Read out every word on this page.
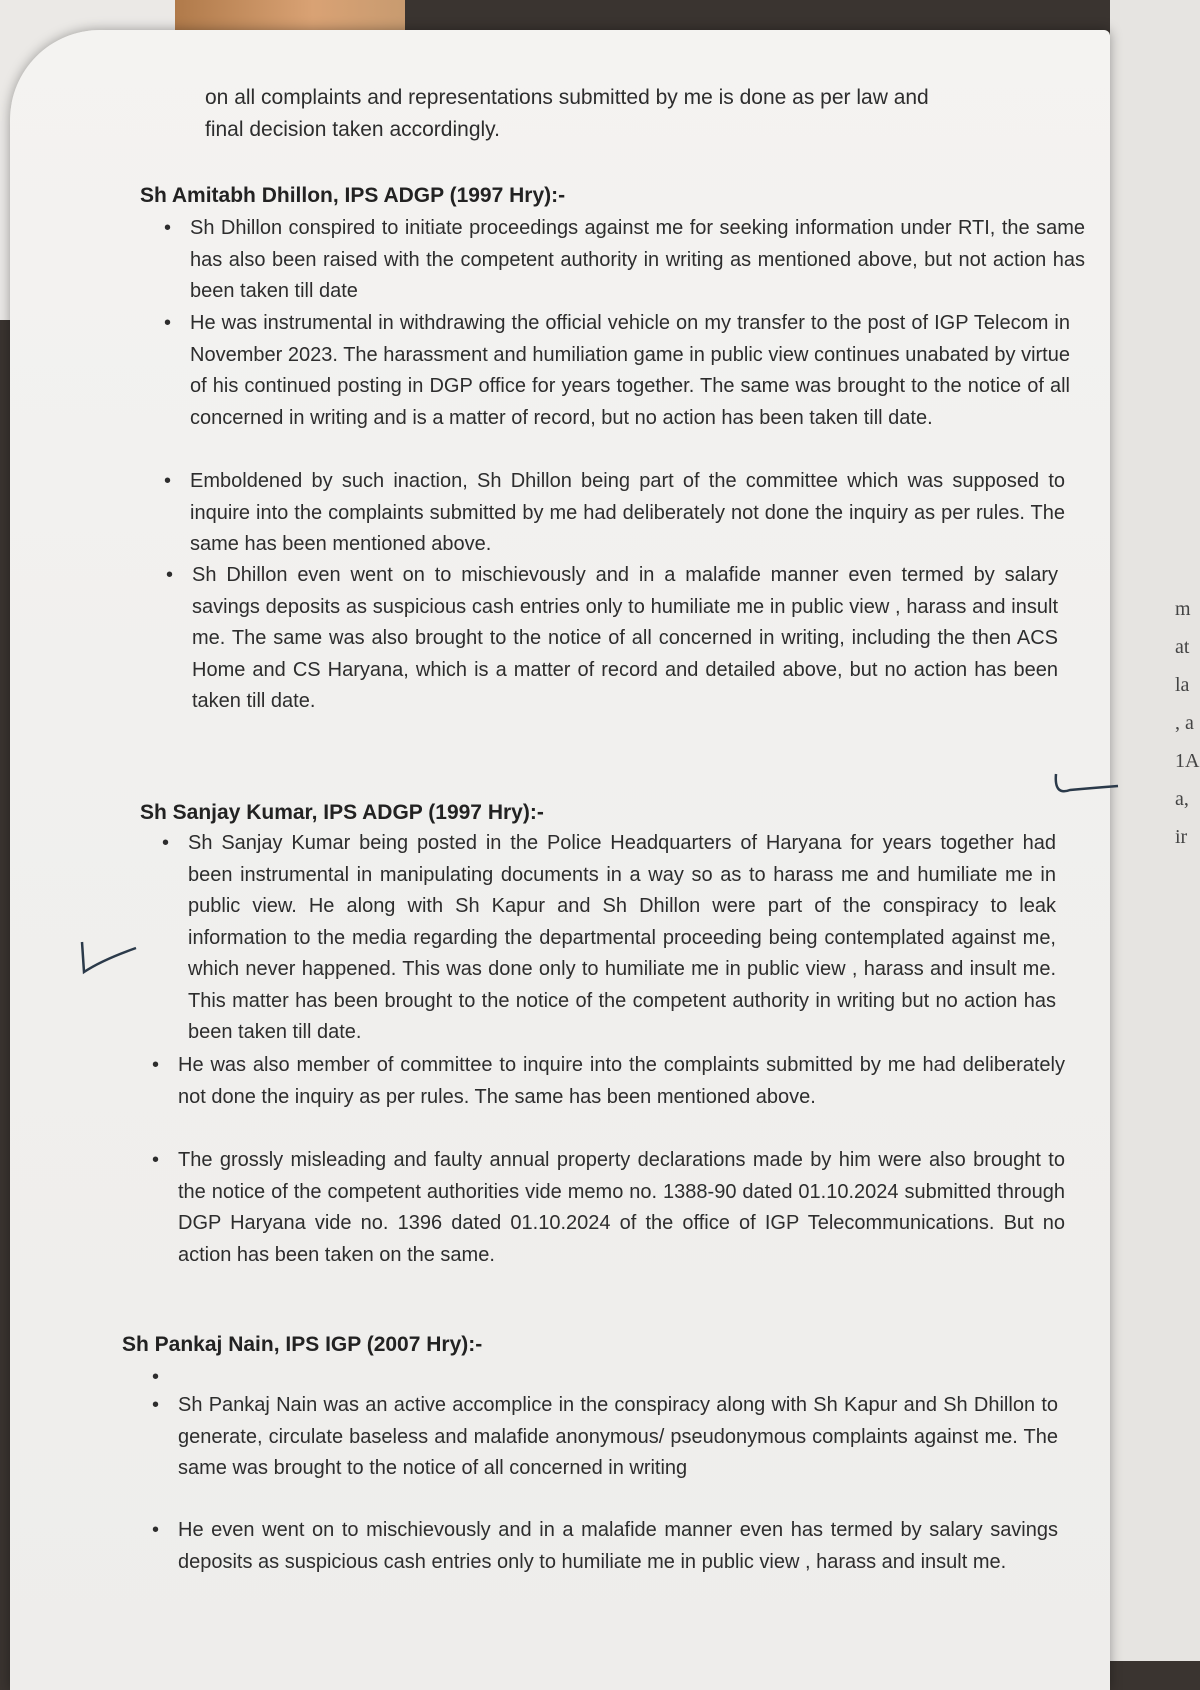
m
at
la
, a
1A
a,
ir
on all complaints and representations submitted by me is done as per law and
final decision taken accordingly.
Sh Amitabh Dhillon, IPS ADGP (1997 Hry):-
• Sh Dhillon conspired to initiate proceedings against me for seeking information under RTI, the same has also been raised with the competent authority in writing as mentioned above, but not action has been taken till date
• He was instrumental in withdrawing the official vehicle on my transfer to the post of IGP Telecom in November 2023. The harassment and humiliation game in public view continues unabated by virtue of his continued posting in DGP office for years together. The same was brought to the notice of all concerned in writing and is a matter of record, but no action has been taken till date.
• Emboldened by such inaction, Sh Dhillon being part of the committee which was supposed to inquire into the complaints submitted by me had deliberately not done the inquiry as per rules. The same has been mentioned above.
• Sh Dhillon even went on to mischievously and in a malafide manner even termed by salary savings deposits as suspicious cash entries only to humiliate me in public view , harass and insult me. The same was also brought to the notice of all concerned in writing, including the then ACS Home and CS Haryana, which is a matter of record and detailed above, but no action has been taken till date.
Sh Sanjay Kumar, IPS ADGP (1997 Hry):-
• Sh Sanjay Kumar being posted in the Police Headquarters of Haryana for years together had been instrumental in manipulating documents in a way so as to harass me and humiliate me in public view. He along with Sh Kapur and Sh Dhillon were part of the conspiracy to leak information to the media regarding the departmental proceeding being contemplated against me, which never happened. This was done only to humiliate me in public view , harass and insult me. This matter has been brought to the notice of the competent authority in writing but no action has been taken till date.
• He was also member of committee to inquire into the complaints submitted by me had deliberately not done the inquiry as per rules. The same has been mentioned above.
• The grossly misleading and faulty annual property declarations made by him were also brought to the notice of the competent authorities vide memo no. 1388-90 dated 01.10.2024 submitted through DGP Haryana vide no. 1396 dated 01.10.2024 of the office of IGP Telecommunications. But no action has been taken on the same.
Sh Pankaj Nain, IPS IGP (2007 Hry):-
•
• Sh Pankaj Nain was an active accomplice in the conspiracy along with Sh Kapur and Sh Dhillon to generate, circulate baseless and malafide anonymous/ pseudonymous complaints against me. The same was brought to the notice of all concerned in writing
• He even went on to mischievously and in a malafide manner even has termed by salary savings deposits as suspicious cash entries only to humiliate me in public view , harass and insult me.
